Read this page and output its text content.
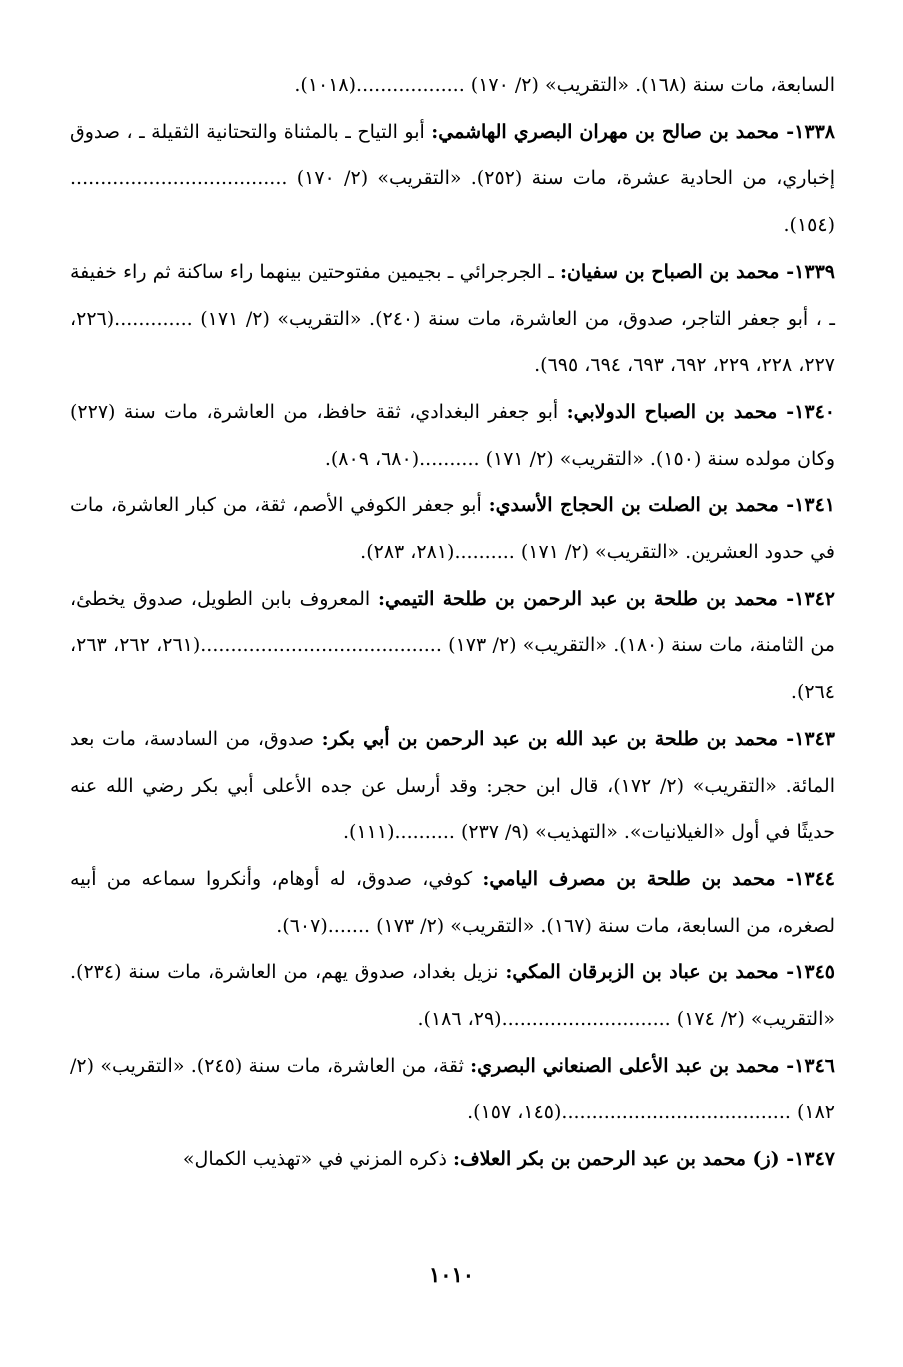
السابعة، مات سنة (١٦٨). «التقريب» (٢/ ١٧٠) ..................(١٠١٨).

١٣٣٨- محمد بن صالح بن مهران البصري الهاشمي: أبو التياح ـ بالمثناة والتحتانية الثقيلة ـ ، صدوق إخباري، من الحادية عشرة، مات سنة (٢٥٢). «التقريب» (٢/ ١٧٠) ....................................(١٥٤).

١٣٣٩- محمد بن الصباح بن سفيان: ـ الجرجرائي ـ بجيمين مفتوحتين بينهما راء ساكنة ثم راء خفيفة ـ ، أبو جعفر التاجر، صدوق، من العاشرة، مات سنة (٢٤٠). «التقريب» (٢/ ١٧١) .............(٢٢٦، ٢٢٧، ٢٢٨، ٢٢٩، ٦٩٢، ٦٩٣، ٦٩٤، ٦٩٥).

١٣٤٠- محمد بن الصباح الدولابي: أبو جعفر البغدادي، ثقة حافظ، من العاشرة، مات سنة (٢٢٧) وكان مولده سنة (١٥٠). «التقريب» (٢/ ١٧١) ..........(٦٨٠، ٨٠٩).

١٣٤١- محمد بن الصلت بن الحجاج الأسدي: أبو جعفر الكوفي الأصم، ثقة، من كبار العاشرة، مات في حدود العشرين. «التقريب» (٢/ ١٧١) ..........(٢٨١، ٢٨٣).

١٣٤٢- محمد بن طلحة بن عبد الرحمن بن طلحة التيمي: المعروف بابن الطويل، صدوق يخطئ، من الثامنة، مات سنة (١٨٠). «التقريب» (٢/ ١٧٣) ........................................(٢٦١، ٢٦٢، ٢٦٣، ٢٦٤).

١٣٤٣- محمد بن طلحة بن عبد الله بن عبد الرحمن بن أبي بكر: صدوق، من السادسة، مات بعد المائة. «التقريب» (٢/ ١٧٢)، قال ابن حجر: وقد أرسل عن جده الأعلى أبي بكر رضي الله عنه حديثًا في أول «الغيلانيات». «التهذيب» (٩/ ٢٣٧) ..........(١١١).

١٣٤٤- محمد بن طلحة بن مصرف اليامي: كوفي، صدوق، له أوهام، وأنكروا سماعه من أبيه لصغره، من السابعة، مات سنة (١٦٧). «التقريب» (٢/ ١٧٣) .......(٦٠٧).

١٣٤٥- محمد بن عباد بن الزبرقان المكي: نزيل بغداد، صدوق يهم، من العاشرة، مات سنة (٢٣٤). «التقريب» (٢/ ١٧٤) ............................(٢٩، ١٨٦).

١٣٤٦- محمد بن عبد الأعلى الصنعاني البصري: ثقة، من العاشرة، مات سنة (٢٤٥). «التقريب» (٢/ ١٨٢) ......................................(١٤٥، ١٥٧).

١٣٤٧- (ز) محمد بن عبد الرحمن بن بكر العلاف: ذكره المزني في «تهذيب الكمال»

١٠١٠
